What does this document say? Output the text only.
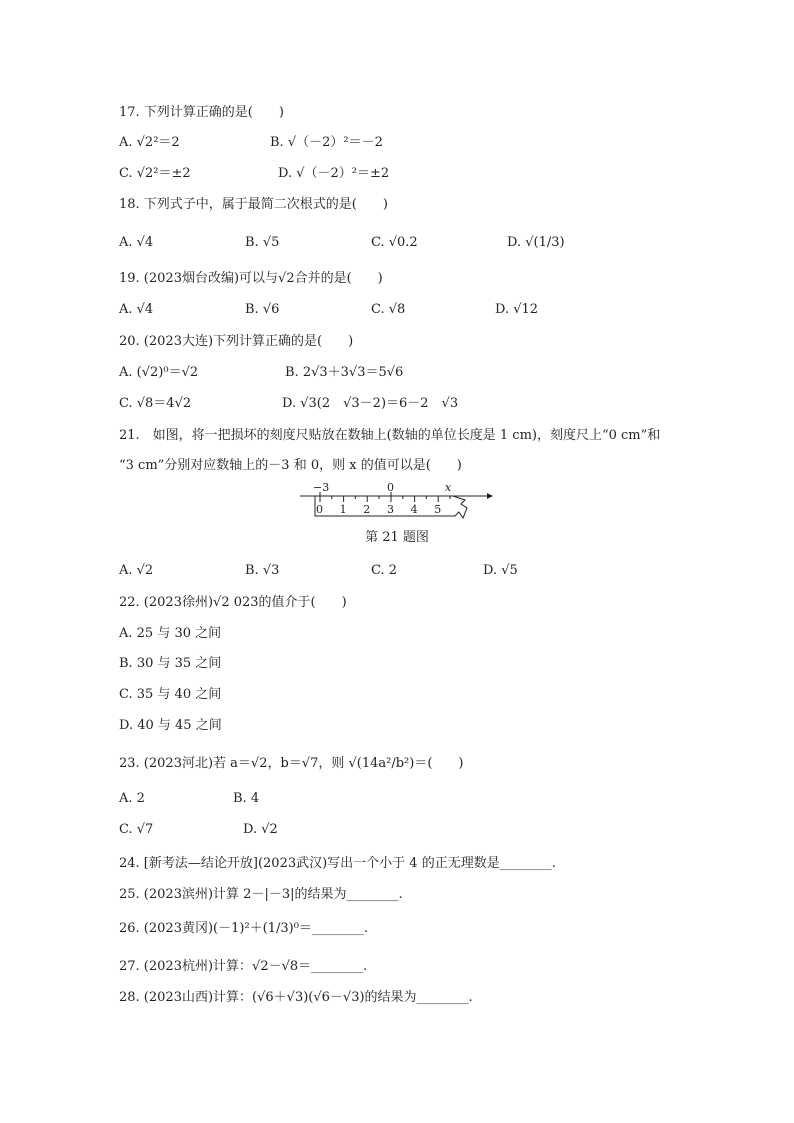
17. 下列计算正确的是(　　)
A. √2²＝2	B. √（－2）²＝－2
C. √2²＝±2	D. √（－2）²＝±2
18. 下列式子中，属于最简二次根式的是(　　)
A. √4	B. √5	C. √0.2	D. √(1/3)
19. (2023烟台改编)可以与√2合并的是(　　)
A. √4	B. √6	C. √8	D. √12
20. (2023大连)下列计算正确的是(　　)
A. (√2)⁰＝√2	B. 2√3＋3√3＝5√6
C. √8＝4√2	D. √3(2　√3－2)＝6－2　√3
21.　如图，将一把损坏的刻度尺贴放在数轴上(数轴的单位长度是 1 cm)，刻度尺上“0 cm”和
“3 cm”分别对应数轴上的－3 和 0，则 x 的值可以是(　　)
−3	0	x
0 1 2 3 4 5
第 21 题图
A. √2	B. √3	C. 2	D. √5
22. (2023徐州)√2 023的值介于(　　)
A. 25 与 30 之间
B. 30 与 35 之间
C. 35 与 40 之间
D. 40 与 45 之间
23. (2023河北)若 a＝√2，b＝√7，则 √(14a²/b²)＝(　　)
A. 2	B. 4
C. √7	D. √2
24. [新考法—结论开放](2023武汉)写出一个小于 4 的正无理数是________.
25. (2023滨州)计算 2－|－3|的结果为________.
26. (2023黄冈)(－1)²＋(1/3)⁰＝________.
27. (2023杭州)计算：√2－√8＝________.
28. (2023山西)计算：(√6＋√3)(√6－√3)的结果为________.
